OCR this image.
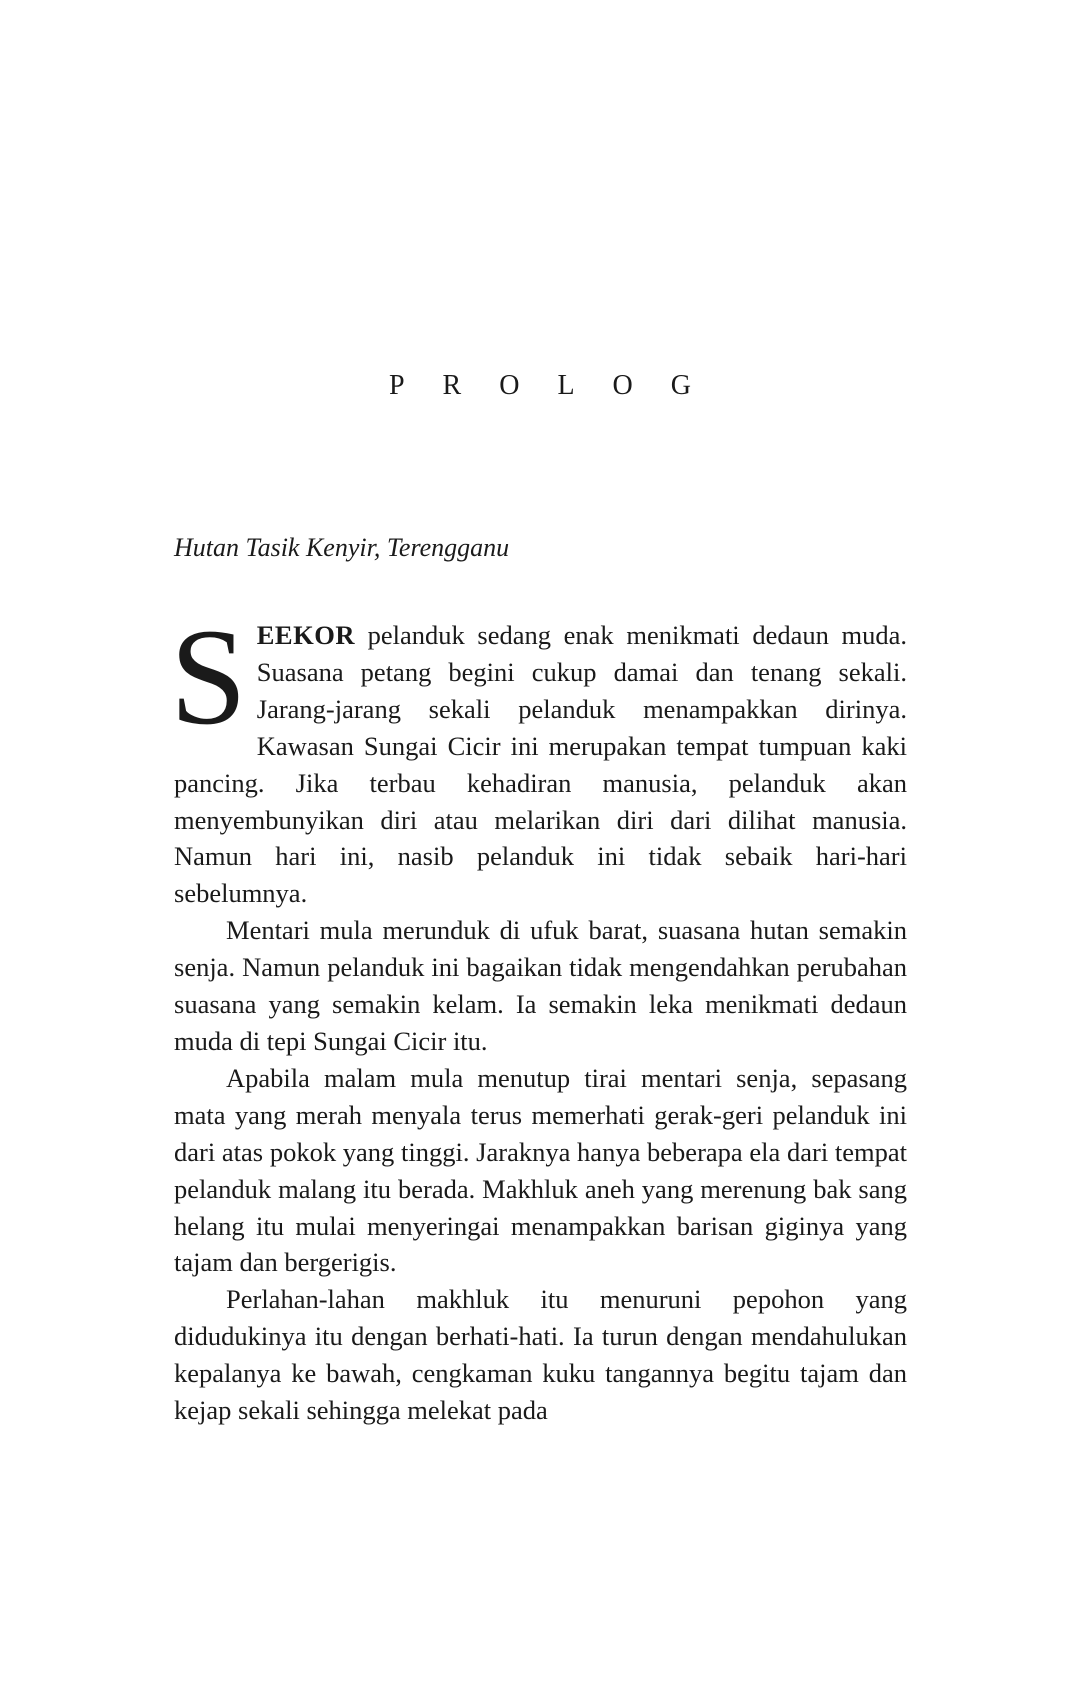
PROLOG

Hutan Tasik Kenyir, Terengganu

SEEKOR pelanduk sedang enak menikmati dedaun muda. Suasana petang begini cukup damai dan tenang sekali. Jarang-jarang sekali pelanduk menampakkan dirinya. Kawasan Sungai Cicir ini merupakan tempat tumpuan kaki pancing. Jika terbau kehadiran manusia, pelanduk akan menyembunyikan diri atau melarikan diri dari dilihat manusia. Namun hari ini, nasib pelanduk ini tidak sebaik hari-hari sebelumnya.

Mentari mula merunduk di ufuk barat, suasana hutan semakin senja. Namun pelanduk ini bagaikan tidak mengendahkan perubahan suasana yang semakin kelam. Ia semakin leka menikmati dedaun muda di tepi Sungai Cicir itu.

Apabila malam mula menutup tirai mentari senja, sepasang mata yang merah menyala terus memerhati gerak-geri pelanduk ini dari atas pokok yang tinggi. Jaraknya hanya beberapa ela dari tempat pelanduk malang itu berada. Makhluk aneh yang merenung bak sang helang itu mulai menyeringai menampakkan barisan giginya yang tajam dan bergerigis.

Perlahan-lahan makhluk itu menuruni pepohon yang didudukinya itu dengan berhati-hati. Ia turun dengan mendahulukan kepalanya ke bawah, cengkaman kuku tangannya begitu tajam dan kejap sekali sehingga melekat pada
